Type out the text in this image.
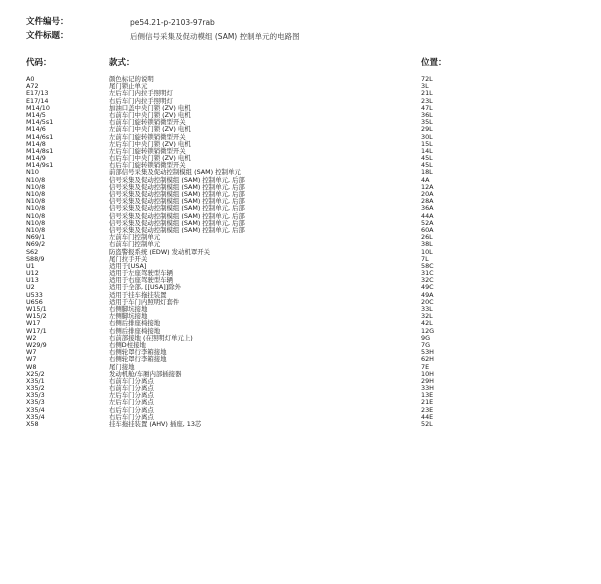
文件编号：	pe54.21-p-2103-97rab
文件标题：	后侧信号采集及促动模组 (SAM) 控制单元的电路图
代码：	款式：	位置：
A0	颜色标记的说明	72L
A72	尾门锁止单元	3L
E17/13	左后车门内拉手照明灯	21L
E17/14	右后车门内拉手照明灯	23L
M14/10	加油口盖中央门锁 (ZV) 电机	47L
M14/5	右前车门中央门锁 (ZV) 电机	36L
M14/5s1	右前车门旋转锁销微型开关	35L
M14/6	左前车门中央门锁 (ZV) 电机	29L
M14/6s1	左前车门旋转锁销微型开关	30L
M14/8	左后车门中央门锁 (ZV) 电机	15L
M14/8s1	左后车门旋转锁销微型开关	14L
M14/9	右后车门中央门锁 (ZV) 电机	45L
M14/9s1	右后车门旋转锁销微型开关	45L
N10	前部信号采集及促动控制模组 (SAM) 控制单元	18L
N10/8	信号采集及促动控制模组 (SAM) 控制单元, 后部	4A
N10/8	信号采集及促动控制模组 (SAM) 控制单元, 后部	12A
N10/8	信号采集及促动控制模组 (SAM) 控制单元, 后部	20A
N10/8	信号采集及促动控制模组 (SAM) 控制单元, 后部	28A
N10/8	信号采集及促动控制模组 (SAM) 控制单元, 后部	36A
N10/8	信号采集及促动控制模组 (SAM) 控制单元, 后部	44A
N10/8	信号采集及促动控制模组 (SAM) 控制单元, 后部	52A
N10/8	信号采集及促动控制模组 (SAM) 控制单元, 后部	60A
N69/1	左前车门控制单元	26L
N69/2	右前车门控制单元	38L
S62	防盗警报系统 (EDW) 发动机罩开关	10L
S88/9	尾门拉手开关	7L
U1	适用于[USA]	58C
U12	适用于左座驾驶型车辆	31C
U13	适用于右座驾驶型车辆	32C
U2	适用于全部, [[USA]]除外	49C
U533	适用于挂车拖挂装置	49A
U656	适用于车门内照明灯套件	20C
W15/1	右侧脚坑接地	33L
W15/2	左侧脚坑接地	32L
W17	右侧后排座椅接地	42L
W17/1	右侧后排座椅接地	12G
W2	右前部接地 (在照明灯单元上)	9G
W29/9	右侧D柱接地	7G
W7	右侧轮罩行李箱接地	53H
W7	右侧轮罩行李箱接地	62H
W8	尾门接地	7E
X25/2	发动机舱/车厢内部插接器	10H
X35/1	右前车门分离点	29H
X35/2	右前车门分离点	33H
X35/3	左后车门分离点	13E
X35/3	左后车门分离点	21E
X35/4	右后车门分离点	23E
X35/4	右后车门分离点	44E
X58	挂车拖挂装置 (AHV) 插座, 13芯	52L
